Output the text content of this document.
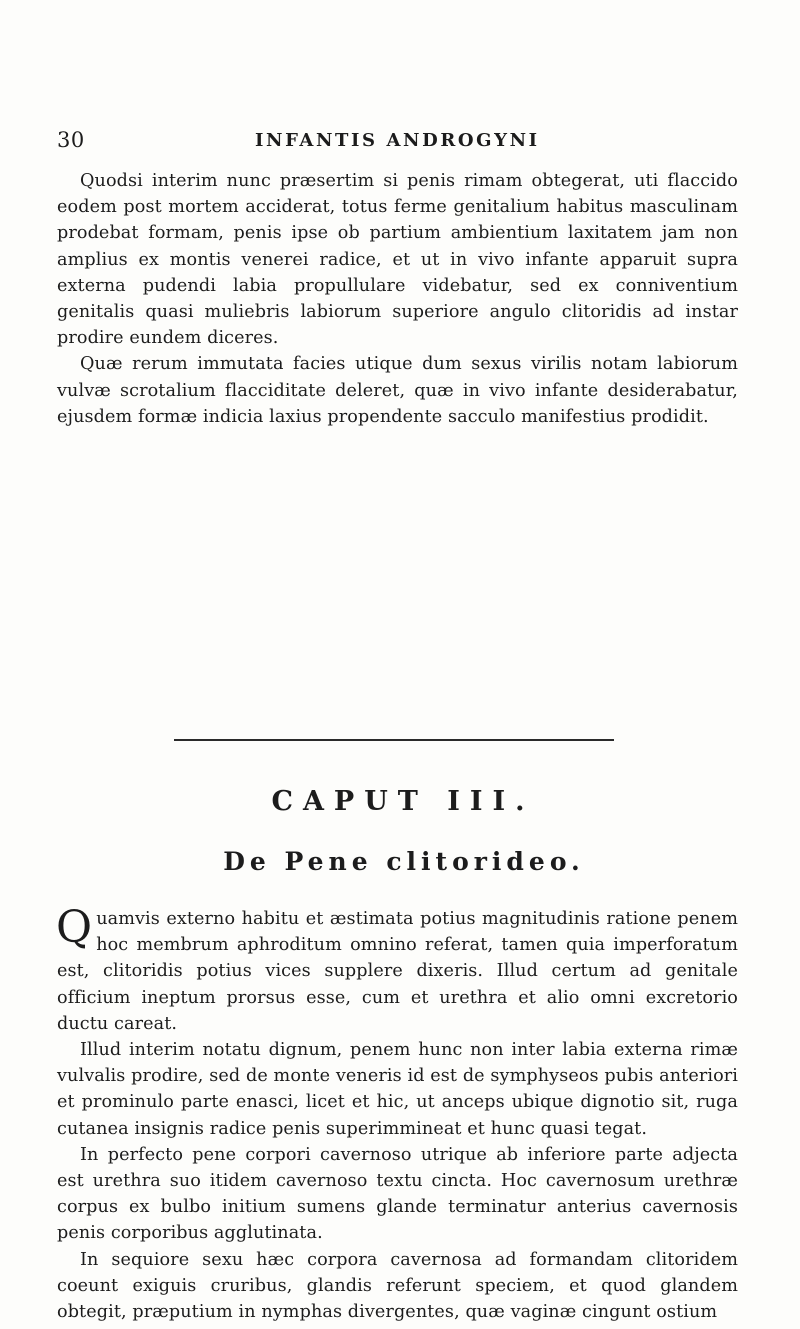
30	INFANTIS ANDROGYNI

Quodsi interim nunc præsertim si penis rimam obtegerat, uti flaccido eodem post mortem acciderat, totus ferme genitalium habitus masculinam prodebat formam, penis ipse ob partium ambientium laxitatem jam non amplius ex montis venerei radice, et ut in vivo infante apparuit supra externa pudendi labia propullulare videbatur, sed ex conniventium genitalis quasi muliebris labiorum superiore angulo clitoridis ad instar prodire eundem diceres.

Quæ rerum immutata facies utique dum sexus virilis notam labiorum vulvæ scrotalium flacciditate deleret, quæ in vivo infante desiderabatur, ejusdem formæ indicia laxius propendente sacculo manifestius prodidit.

CAPUT III.
De Pene clitorideo.

Quamvis externo habitu et æstimata potius magnitudinis ratione penem hoc membrum aphroditum omnino referat, tamen quia imperforatum est, clitoridis potius vices supplere dixeris. Illud certum ad genitale officium ineptum prorsus esse, cum et urethra et alio omni excretorio ductu careat.

Illud interim notatu dignum, penem hunc non inter labia externa rimæ vulvalis prodire, sed de monte veneris id est de symphyseos pubis anteriori et prominulo parte enasci, licet et hic, ut anceps ubique dignotio sit, ruga cutanea insignis radice penis superimmineat et hunc quasi tegat.

In perfecto pene corpori cavernoso utrique ab inferiore parte adjecta est urethra suo itidem cavernoso textu cincta. Hoc cavernosum urethræ corpus ex bulbo initium sumens glande terminatur anterius cavernosis penis corporibus agglutinata.

In sequiore sexu hæc corpora cavernosa ad formandam clitoridem coeunt exiguis cruribus, glandis referunt speciem, et quod glandem obtegit, præputium in nymphas divergentes, quæ vaginæ cingunt ostium
